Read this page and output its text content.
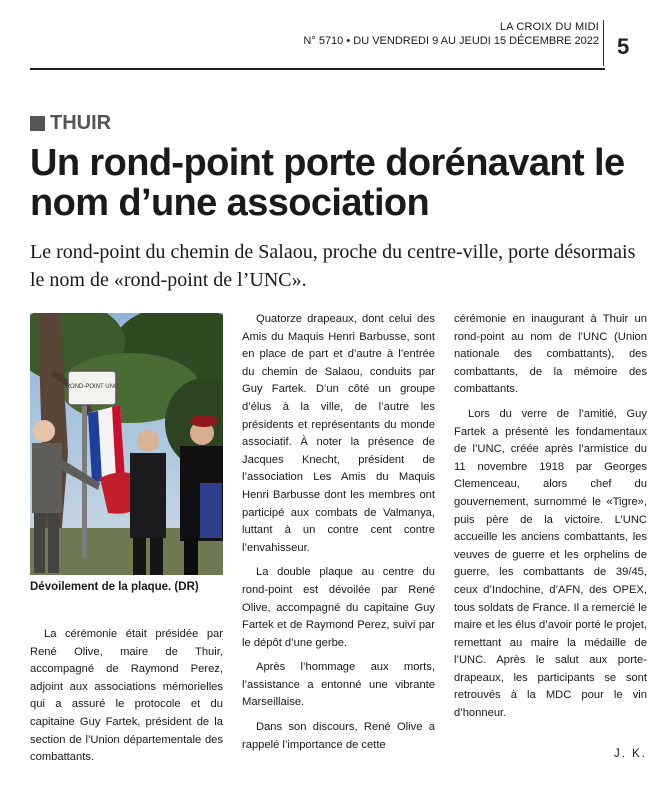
LA CROIX DU MIDI
N° 5710 • DU VENDREDI 9 AU JEUDI 15 DÉCEMBRE 2022 5
THUIR
Un rond-point porte dorénavant le nom d’une association

Le rond-point du chemin de Salaou, proche du centre-ville, porte désormais le nom de «rond-point de l’UNC».

ROND-POINT UNC
Dévoilement de la plaque. (DR)

La cérémonie était présidée par René Olive, maire de Thuir, accompagné de Raymond Perez, adjoint aux associations mémorielles qui a assuré le protocole et du capitaine Guy Fartek, président de la section de l’Union départementale des combattants.

Quatorze drapeaux, dont celui des Amis du Maquis Henri Barbusse, sont en place de part et d’autre à l’entrée du chemin de Salaou, conduits par Guy Fartek. D’un côté un groupe d’élus à la ville, de l’autre les présidents et représentants du monde associatif. À noter la présence de Jacques Knecht, président de l’association Les Amis du Maquis Henri Barbusse dont les membres ont participé aux combats de Valmanya, luttant à un contre cent contre l’envahisseur.

La double plaque au centre du rond-point est dévoilée par René Olive, accompagné du capitaine Guy Fartek et de Raymond Perez, suivi par le dépôt d’une gerbe.

Après l’hommage aux morts, l’assistance a entonné une vibrante Marseillaise.

Dans son discours, René Olive a rappelé l’importance de cette

cérémonie en inaugurant à Thuir un rond-point au nom de l’UNC (Union nationale des combattants), des combattants, de la mémoire des combattants.

Lors du verre de l’amitié, Guy Fartek a présenté les fondamentaux de l’UNC, créée après l’armistice du 11 novembre 1918 par Georges Clemenceau, alors chef du gouvernement, surnommé le «Tigre», puis père de la victoire. L’UNC accueille les anciens combattants, les veuves de guerre et les orphelins de guerre, les combattants de 39/45, ceux d’Indochine, d’AFN, des OPEX, tous soldats de France. Il a remercié le maire et les élus d’avoir porté le projet, remettant au maire la médaille de l’UNC. Après le salut aux porte-drapeaux, les participants se sont retrouvés à la MDC pour le vin d’honneur.

J. K.
